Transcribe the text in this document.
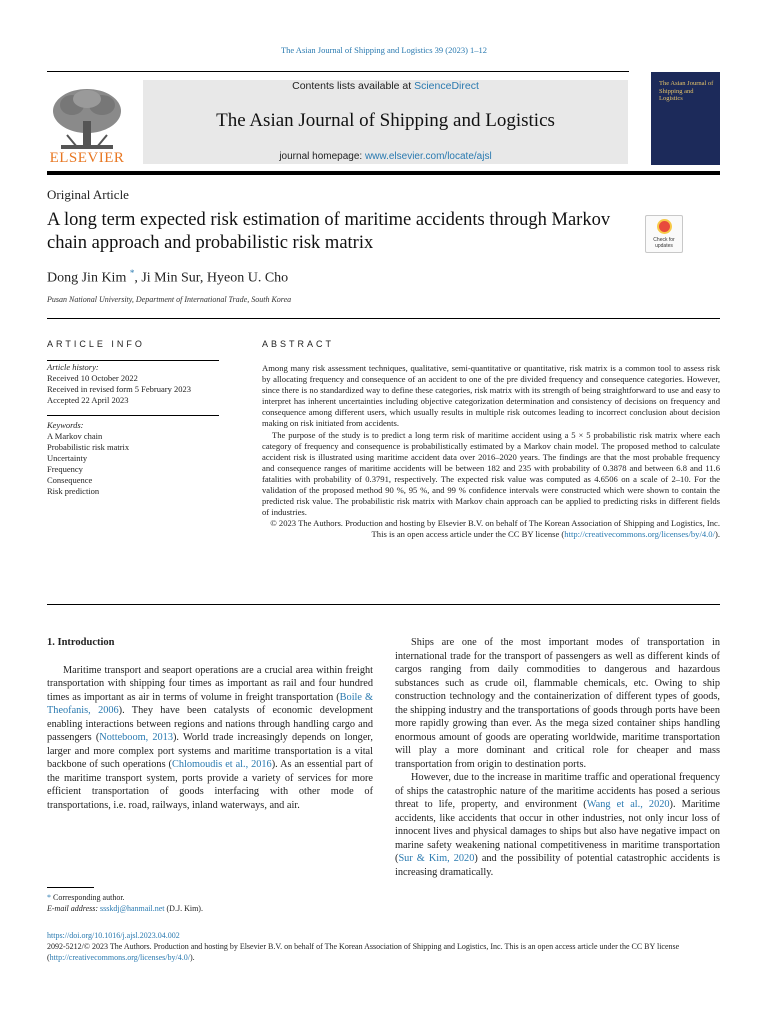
The Asian Journal of Shipping and Logistics 39 (2023) 1–12
ELSEVIER
Contents lists available at ScienceDirect
The Asian Journal of Shipping and Logistics
journal homepage: www.elsevier.com/locate/ajsl
The Asian Journal of Shipping and Logistics
Original Article
A long term expected risk estimation of maritime accidents through Markov chain approach and probabilistic risk matrix	Check for updates
Dong Jin Kim *, Ji Min Sur, Hyeon U. Cho
Pusan National University, Department of International Trade, South Korea
ARTICLE INFO	ABSTRACT
Article history:
Received 10 October 2022
Received in revised form 5 February 2023
Accepted 22 April 2023
Keywords:
A Markov chain
Probabilistic risk matrix
Uncertainty
Frequency
Consequence
Risk prediction

Among many risk assessment techniques, qualitative, semi-quantitative or quantitative, risk matrix is a common tool to assess risk by allocating frequency and consequence of an accident to one of the pre divided frequency and consequence categories. However, since there is no standardized way to define these categories, risk matrix with its strength of being straightforward to use and easy to interpret has inherent uncertainties including objective categorization determination and consistency of decisions on frequency and consequence among different users, which usually results in multiple risk outcomes leading to incorrect conclusion about decision making on risk initiated from accidents.

The purpose of the study is to predict a long term risk of maritime accident using a 5 × 5 probabilistic risk matrix where each category of frequency and consequence is probabilistically estimated by a Markov chain model. The proposed method to calculate accident risk is illustrated using maritime accident data over 2016–2020 years. The findings are that the most probable frequency and consequence ranges of maritime accidents will be between 182 and 235 with probability of 0.3878 and between 6.8 and 11.6 fatalities with probability of 0.3791, respectively. The expected risk value was computed as 4.6506 on a scale of 2–10. For the validation of the proposed method 90 %, 95 %, and 99 % confidence intervals were constructed which were shown to contain the predicted risk value. The probabilistic risk matrix with Markov chain approach can be applied to predicting risks in different fields of industries.

© 2023 The Authors. Production and hosting by Elsevier B.V. on behalf of The Korean Association of Shipping and Logistics, Inc. This is an open access article under the CC BY license (http://creativecommons.org/licenses/by/4.0/).

1. Introduction

Maritime transport and seaport operations are a crucial area within freight transportation with shipping four times as important as rail and four hundred times as important as air in terms of volume in freight transportation (Boile & Theofanis, 2006). They have been catalysts of economic development enabling interactions between regions and nations through handling cargo and passengers (Notteboom, 2013). World trade increasingly depends on longer, larger and more complex port systems and maritime transportation is a vital backbone of such operations (Chlomoudis et al., 2016). As an essential part of the maritime transport system, ports provide a variety of services for more efficient transportation of goods interfacing with other mode of transportations, i.e. road, railways, inland waterways, and air.

Ships are one of the most important modes of transportation in international trade for the transport of passengers as well as different kinds of cargos ranging from daily commodities to dangerous and hazardous substances such as crude oil, flammable chemicals, etc. Owing to ship construction technology and the containerization of different types of goods, the shipping industry and the transportations of goods through ports have been more rapidly growing than ever. As the mega sized container ships handling enormous amount of goods are operating worldwide, maritime transportation will play a more dominant and critical role for cheaper and mass transportation from origin to destination ports.

However, due to the increase in maritime traffic and operational frequency of ships the catastrophic nature of the maritime accidents has posed a serious threat to life, property, and environment (Wang et al., 2020). Maritime accidents, like accidents that occur in other industries, not only incur loss of innocent lives and physical damages to ships but also have negative impact on marine safety weakening national competitiveness in maritime transportation (Sur & Kim, 2020) and the possibility of potential catastrophic accidents is increasing dramatically.

* Corresponding author.
E-mail address: ssskdj@hanmail.net (D.J. Kim).
https://doi.org/10.1016/j.ajsl.2023.04.002
2092-5212/© 2023 The Authors. Production and hosting by Elsevier B.V. on behalf of The Korean Association of Shipping and Logistics, Inc. This is an open access article under the CC BY license (http://creativecommons.org/licenses/by/4.0/).
